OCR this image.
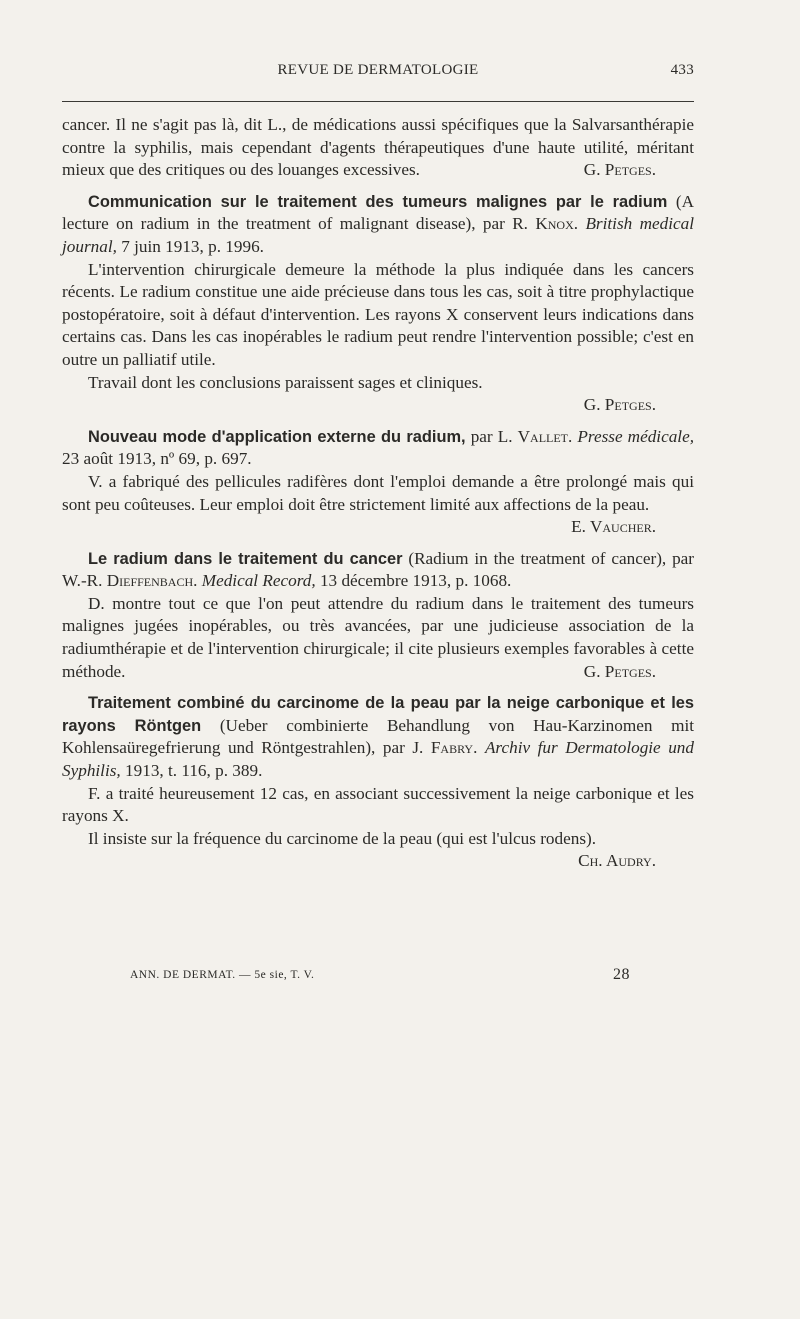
REVUE DE DERMATOLOGIE	433

cancer. Il ne s'agit pas là, dit L., de médications aussi spécifiques que la Salvarsanthérapie contre la syphilis, mais cependant d'agents thérapeutiques d'une haute utilité, méritant mieux que des critiques ou des louanges excessives.	G. Petges.

Communication sur le traitement des tumeurs malignes par le radium (A lecture on radium in the treatment of malignant disease), par R. Knox. British medical journal, 7 juin 1913, p. 1996.

L'intervention chirurgicale demeure la méthode la plus indiquée dans les cancers récents. Le radium constitue une aide précieuse dans tous les cas, soit à titre prophylactique postopératoire, soit à défaut d'intervention. Les rayons X conservent leurs indications dans certains cas. Dans les cas inopérables le radium peut rendre l'intervention possible; c'est en outre un palliatif utile.

Travail dont les conclusions paraissent sages et cliniques.

G. Petges.

Nouveau mode d'application externe du radium, par L. Vallet. Presse médicale, 23 août 1913, nº 69, p. 697.

V. a fabriqué des pellicules radifères dont l'emploi demande a être prolongé mais qui sont peu coûteuses. Leur emploi doit être strictement limité aux affections de la peau.
E. Vaucher.

Le radium dans le traitement du cancer (Radium in the treatment of cancer), par W.-R. Dieffenbach. Medical Record, 13 décembre 1913, p. 1068.

D. montre tout ce que l'on peut attendre du radium dans le traitement des tumeurs malignes jugées inopérables, ou très avancées, par une judicieuse association de la radiumthérapie et de l'intervention chirurgicale; il cite plusieurs exemples favorables à cette méthode.	G. Petges.

Traitement combiné du carcinome de la peau par la neige carbonique et les rayons Röntgen (Ueber combinierte Behandlung von Hau-Karzinomen mit Kohlensaüregefrierung und Röntgestrahlen), par J. Fabry. Archiv fur Dermatologie und Syphilis, 1913, t. 116, p. 389.

F. a traité heureusement 12 cas, en associant successivement la neige carbonique et les rayons X.

Il insiste sur la fréquence du carcinome de la peau (qui est l'ulcus rodens).
Ch. Audry.

ANN. DE DERMAT. — 5e sie, T. V.	28
